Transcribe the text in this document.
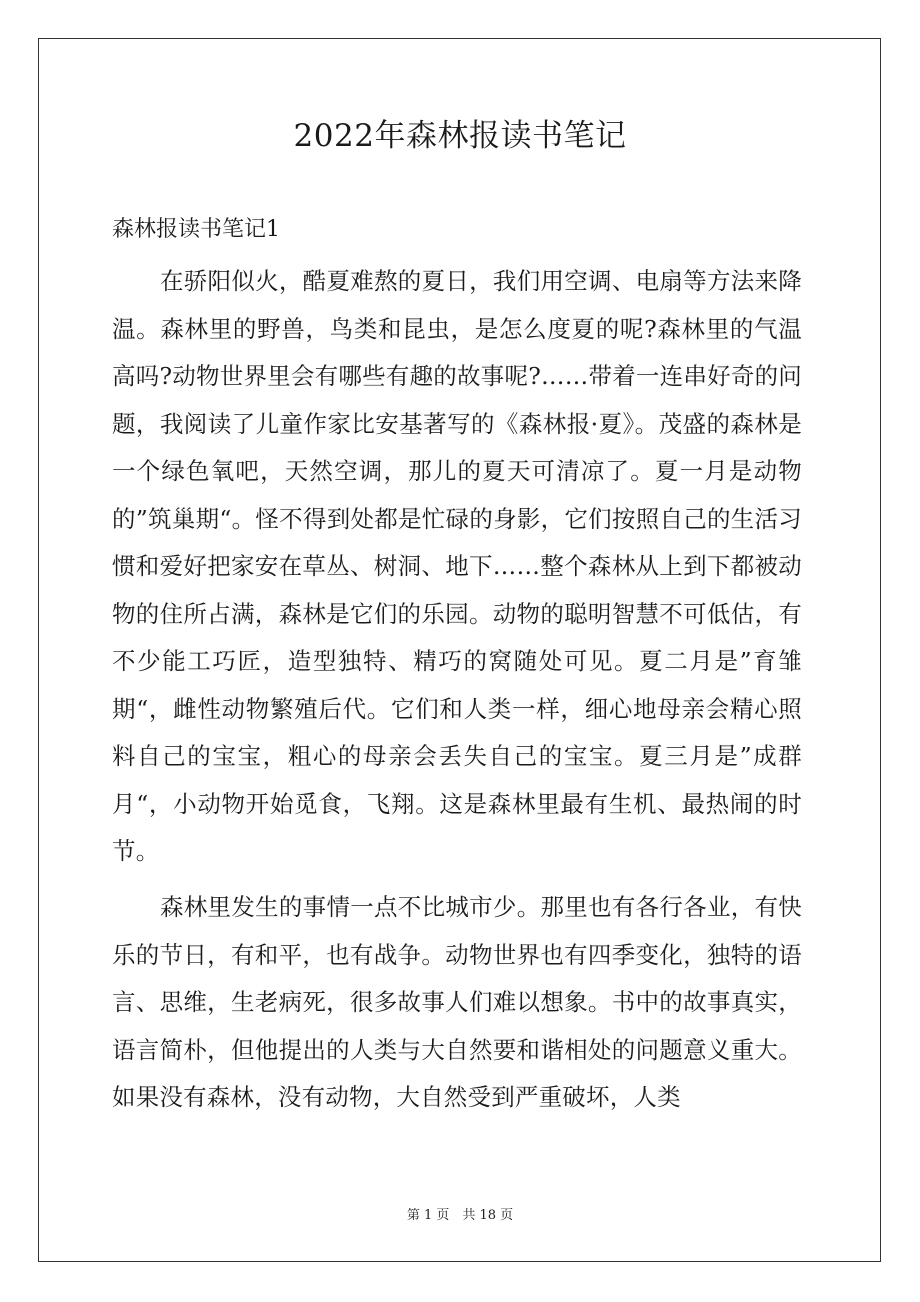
2022年森林报读书笔记
森林报读书笔记1

在骄阳似火，酷夏难熬的夏日，我们用空调、电扇等方法来降温。森林里的野兽，鸟类和昆虫，是怎么度夏的呢?森林里的气温高吗?动物世界里会有哪些有趣的故事呢?……带着一连串好奇的问题，我阅读了儿童作家比安基著写的《森林报·夏》。茂盛的森林是一个绿色氧吧，天然空调，那儿的夏天可清凉了。夏一月是动物的”筑巢期“。怪不得到处都是忙碌的身影，它们按照自己的生活习惯和爱好把家安在草丛、树洞、地下……整个森林从上到下都被动物的住所占满，森林是它们的乐园。动物的聪明智慧不可低估，有不少能工巧匠，造型独特、精巧的窝随处可见。夏二月是”育雏期“，雌性动物繁殖后代。它们和人类一样，细心地母亲会精心照料自己的宝宝，粗心的母亲会丢失自己的宝宝。夏三月是”成群月“，小动物开始觅食，飞翔。这是森林里最有生机、最热闹的时节。

森林里发生的事情一点不比城市少。那里也有各行各业，有快乐的节日，有和平，也有战争。动物世界也有四季变化，独特的语言、思维，生老病死，很多故事人们难以想象。书中的故事真实，语言简朴，但他提出的人类与大自然要和谐相处的问题意义重大。如果没有森林，没有动物，大自然受到严重破坏，人类

第 1 页　共 18 页
